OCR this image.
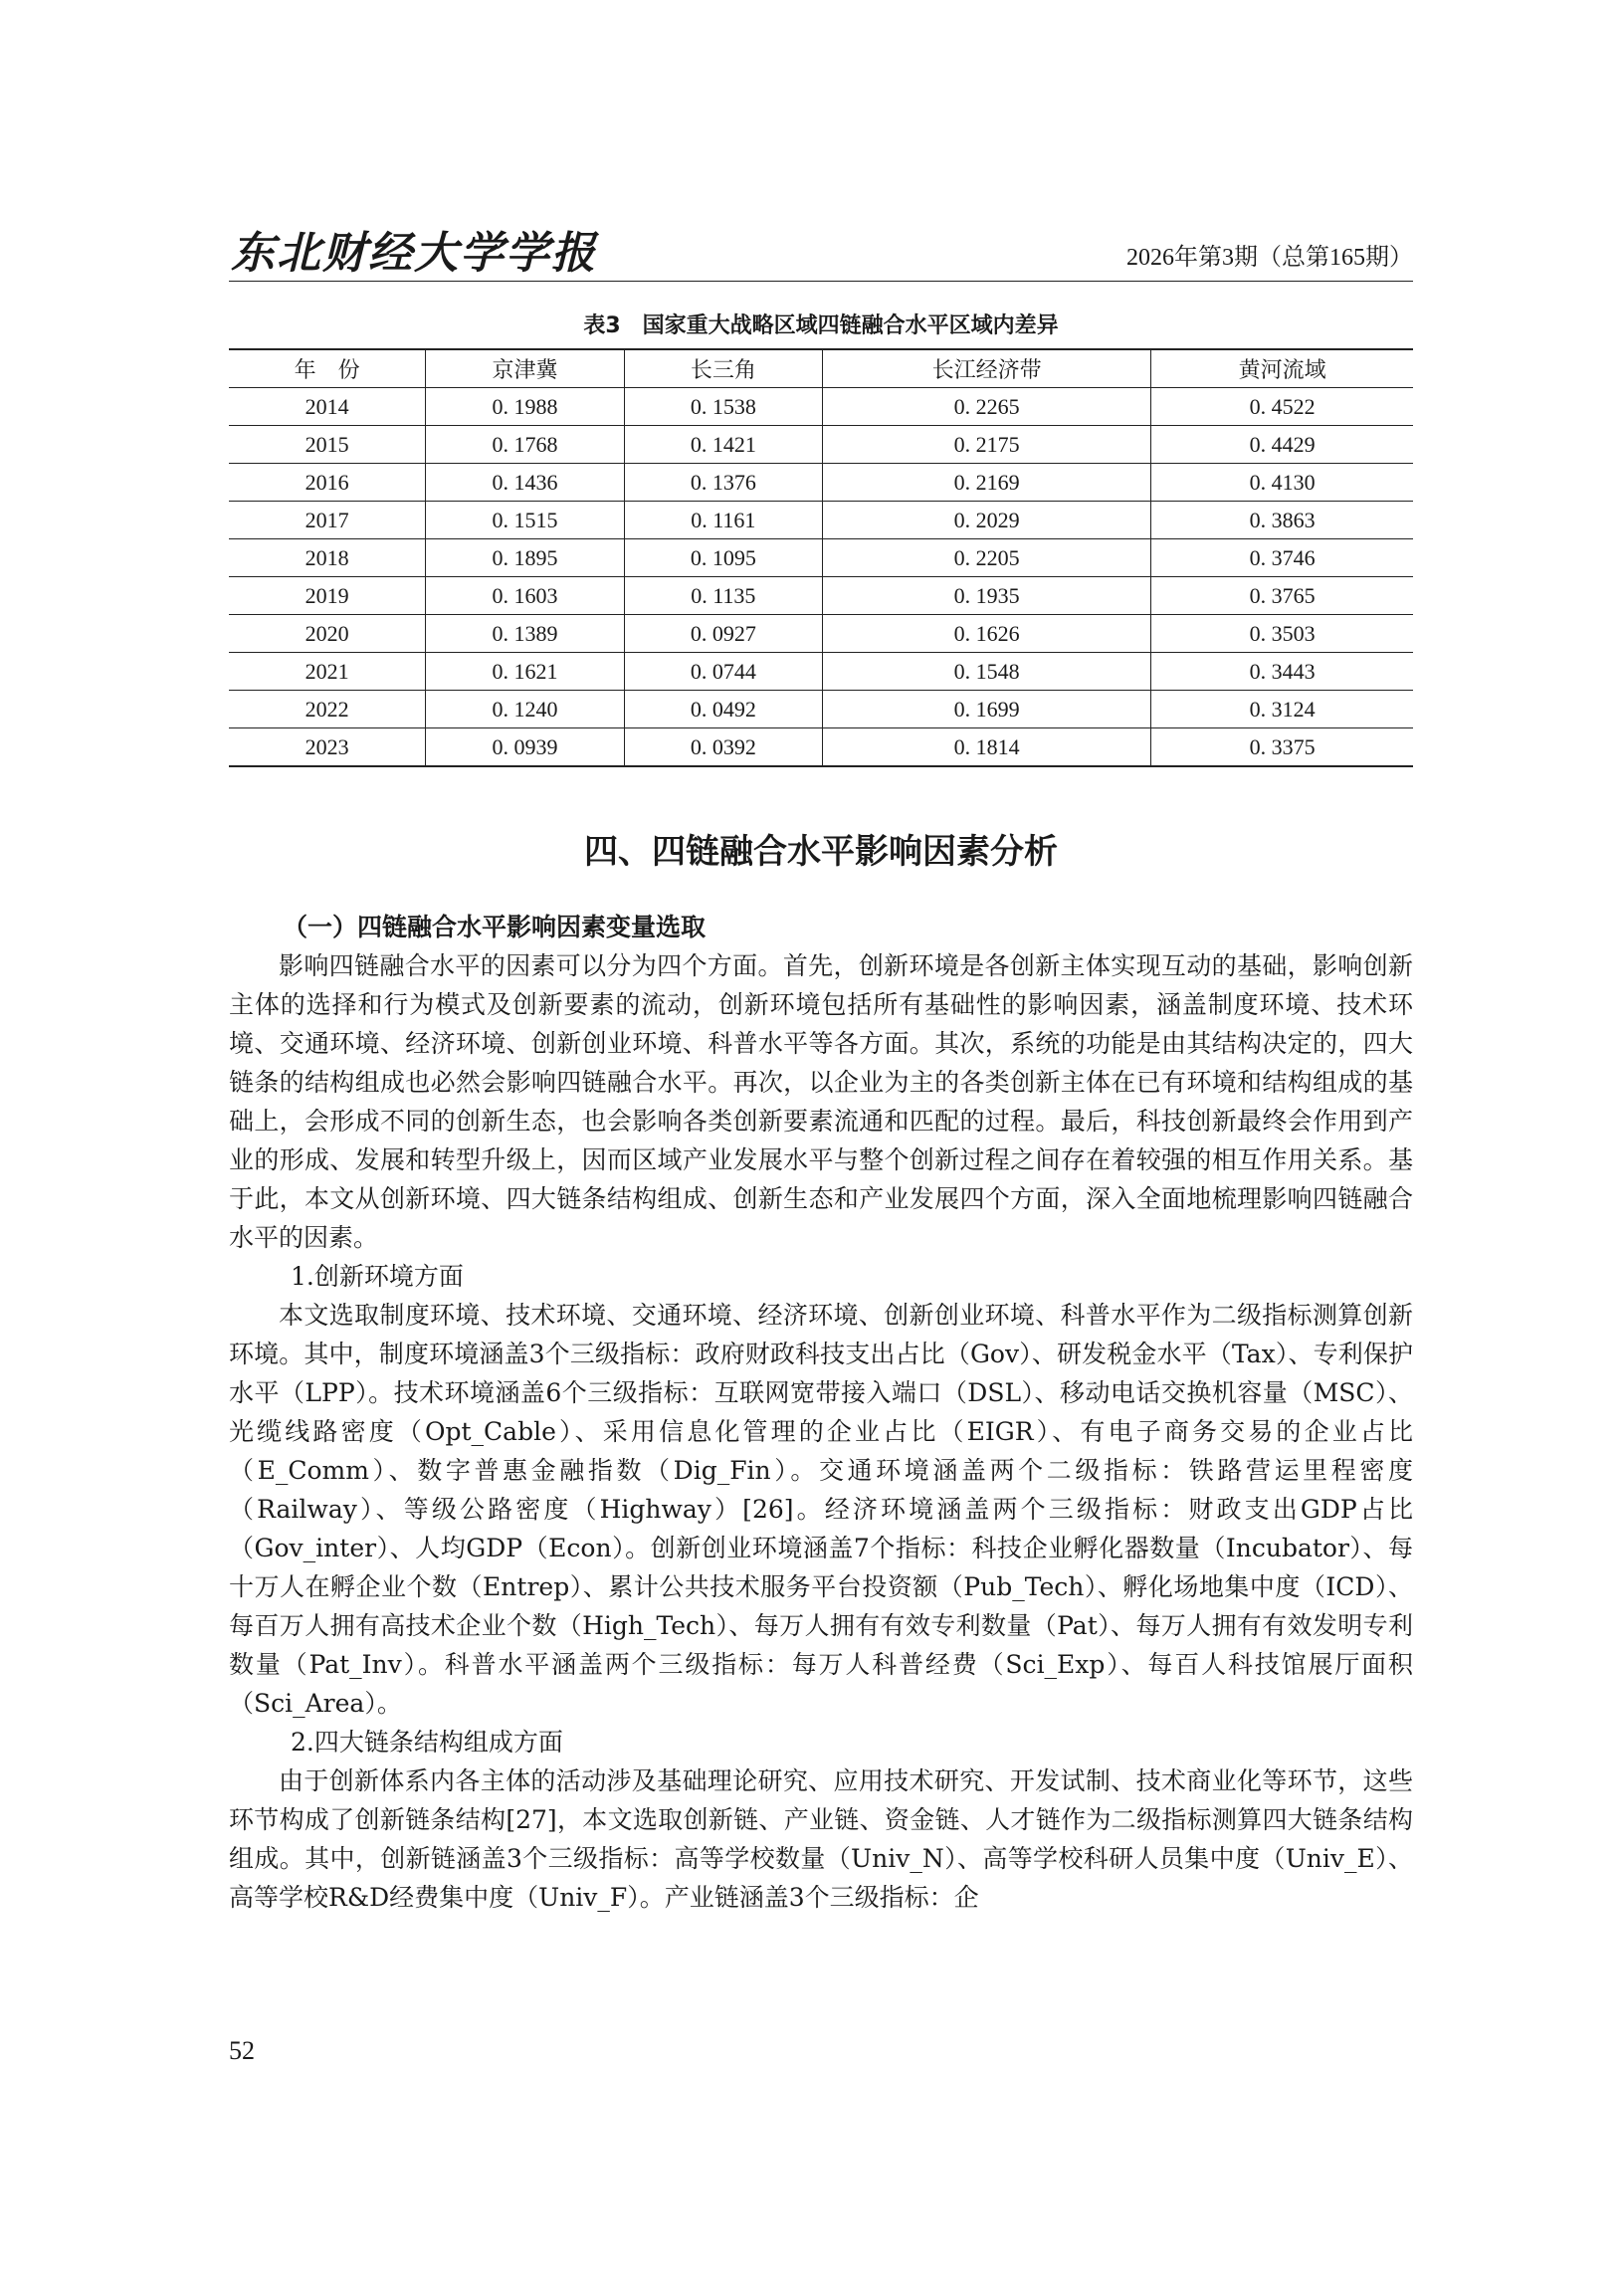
东北财经大学学报	2026年第3期（总第165期）
表3　国家重大战略区域四链融合水平区域内差异
年　份	京津冀	长三角	长江经济带	黄河流域
2014	0. 1988	0. 1538	0. 2265	0. 4522
2015	0. 1768	0. 1421	0. 2175	0. 4429
2016	0. 1436	0. 1376	0. 2169	0. 4130
2017	0. 1515	0. 1161	0. 2029	0. 3863
2018	0. 1895	0. 1095	0. 2205	0. 3746
2019	0. 1603	0. 1135	0. 1935	0. 3765
2020	0. 1389	0. 0927	0. 1626	0. 3503
2021	0. 1621	0. 0744	0. 1548	0. 3443
2022	0. 1240	0. 0492	0. 1699	0. 3124
2023	0. 0939	0. 0392	0. 1814	0. 3375
四、四链融合水平影响因素分析
（一）四链融合水平影响因素变量选取

影响四链融合水平的因素可以分为四个方面。首先，创新环境是各创新主体实现互动的基础，影响创新主体的选择和行为模式及创新要素的流动，创新环境包括所有基础性的影响因素，涵盖制度环境、技术环境、交通环境、经济环境、创新创业环境、科普水平等各方面。其次，系统的功能是由其结构决定的，四大链条的结构组成也必然会影响四链融合水平。再次，以企业为主的各类创新主体在已有环境和结构组成的基础上，会形成不同的创新生态，也会影响各类创新要素流通和匹配的过程。最后，科技创新最终会作用到产业的形成、发展和转型升级上，因而区域产业发展水平与整个创新过程之间存在着较强的相互作用关系。基于此，本文从创新环境、四大链条结构组成、创新生态和产业发展四个方面，深入全面地梳理影响四链融合水平的因素。

1.创新环境方面

本文选取制度环境、技术环境、交通环境、经济环境、创新创业环境、科普水平作为二级指标测算创新环境。其中，制度环境涵盖3个三级指标：政府财政科技支出占比（Gov）、研发税金水平（Tax）、专利保护水平（LPP）。技术环境涵盖6个三级指标：互联网宽带接入端口（DSL）、移动电话交换机容量（MSC）、光缆线路密度（Opt_Cable）、采用信息化管理的企业占比（EIGR）、有电子商务交易的企业占比（E_Comm）、数字普惠金融指数（Dig_Fin）。交通环境涵盖两个二级指标：铁路营运里程密度（Railway）、等级公路密度（Highway）[26]。经济环境涵盖两个三级指标：财政支出GDP占比（Gov_inter）、人均GDP（Econ）。创新创业环境涵盖7个指标：科技企业孵化器数量（Incubator）、每十万人在孵企业个数（Entrep）、累计公共技术服务平台投资额（Pub_Tech）、孵化场地集中度（ICD）、每百万人拥有高技术企业个数（High_Tech）、每万人拥有有效专利数量（Pat）、每万人拥有有效发明专利数量（Pat_Inv）。科普水平涵盖两个三级指标：每万人科普经费（Sci_Exp）、每百人科技馆展厅面积（Sci_Area）。

2.四大链条结构组成方面

由于创新体系内各主体的活动涉及基础理论研究、应用技术研究、开发试制、技术商业化等环节，这些环节构成了创新链条结构[27]，本文选取创新链、产业链、资金链、人才链作为二级指标测算四大链条结构组成。其中，创新链涵盖3个三级指标：高等学校数量（Univ_N）、高等学校科研人员集中度（Univ_E）、高等学校R&D经费集中度（Univ_F）。产业链涵盖3个三级指标：企

52
